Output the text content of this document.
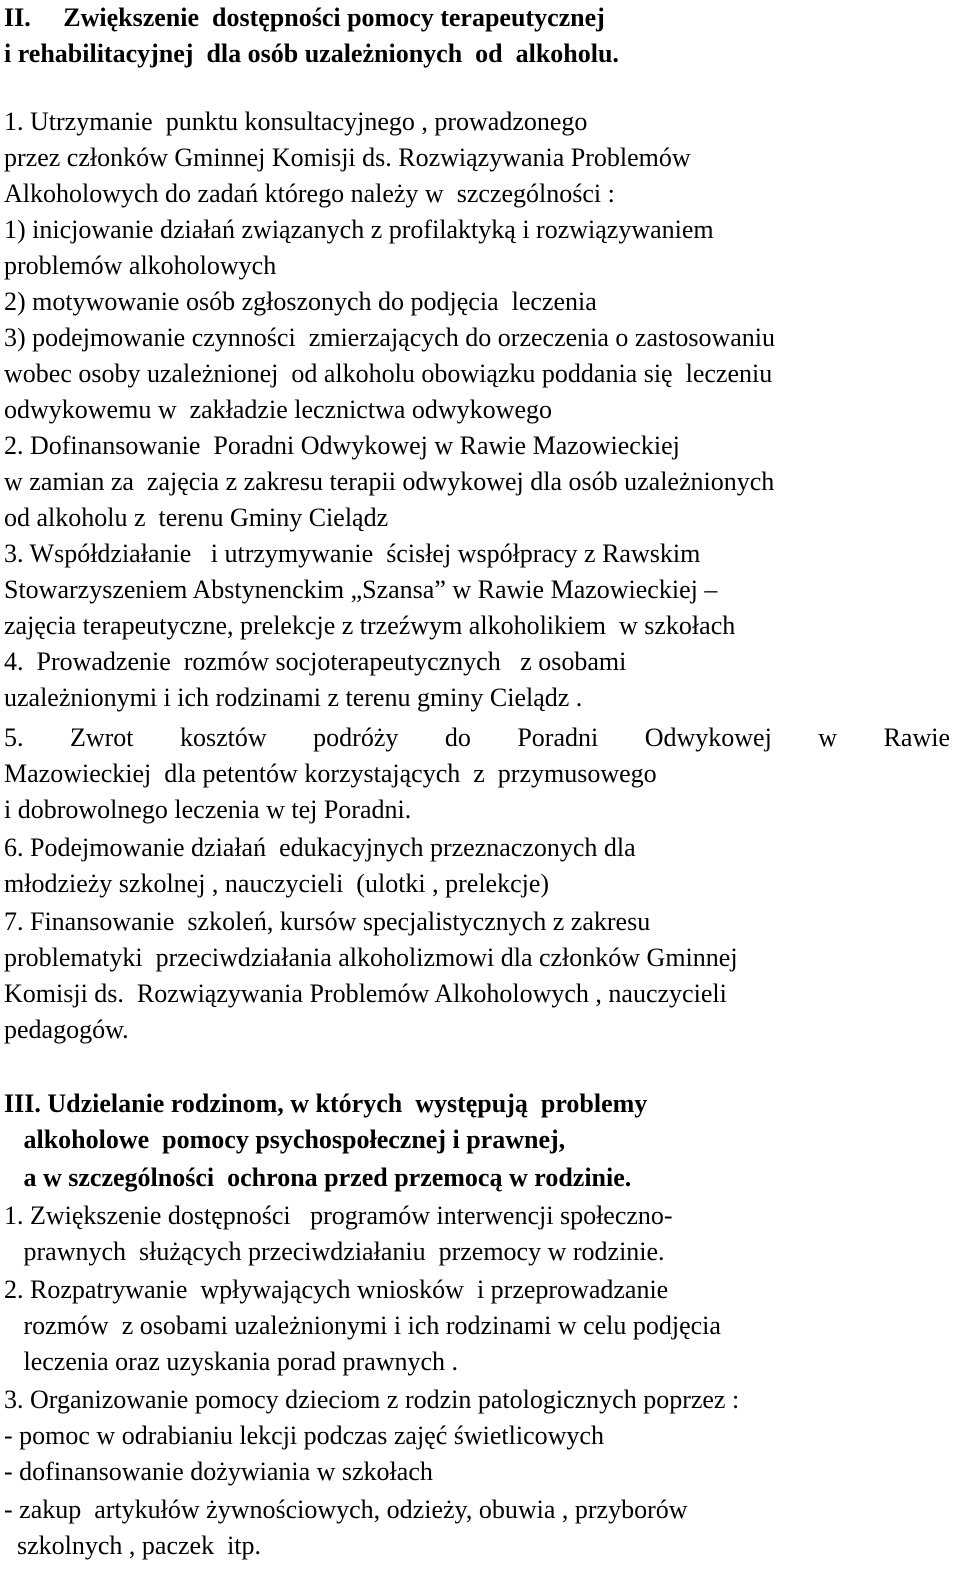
II.     Zwiększenie  dostępności pomocy terapeutycznej
i rehabilitacyjnej  dla osób uzależnionych  od  alkoholu.
1. Utrzymanie  punktu konsultacyjnego , prowadzonego
przez członków Gminnej Komisji ds. Rozwiązywania Problemów
Alkoholowych do zadań którego należy w  szczególności :
1) inicjowanie działań związanych z profilaktyką i rozwiązywaniem
problemów alkoholowych
2) motywowanie osób zgłoszonych do podjęcia  leczenia
3) podejmowanie czynności  zmierzających do orzeczenia o zastosowaniu
wobec osoby uzależnionej  od alkoholu obowiązku poddania się  leczeniu
odwykowemu w  zakładzie lecznictwa odwykowego
2. Dofinansowanie  Poradni Odwykowej w Rawie Mazowieckiej
w zamian za  zajęcia z zakresu terapii odwykowej dla osób uzależnionych
od alkoholu z  terenu Gminy Cielądz
3. Współdziałanie   i utrzymywanie  ścisłej współpracy z Rawskim
Stowarzyszeniem Abstynenckim „Szansa” w Rawie Mazowieckiej –
zajęcia terapeutyczne, prelekcje z trzeźwym alkoholikiem  w szkołach
4.  Prowadzenie  rozmów socjoterapeutycznych   z osobami
uzależnionymi i ich rodzinami z terenu gminy Cielądz .
5. Zwrot kosztów podróży do Poradni Odwykowej w Rawie
Mazowieckiej  dla petentów korzystających  z  przymusowego
i dobrowolnego leczenia w tej Poradni.
6. Podejmowanie działań  edukacyjnych przeznaczonych dla
młodzieży szkolnej , nauczycieli  (ulotki , prelekcje)
7. Finansowanie  szkoleń, kursów specjalistycznych z zakresu
problematyki  przeciwdziałania alkoholizmowi dla członków Gminnej
Komisji ds.  Rozwiązywania Problemów Alkoholowych , nauczycieli
pedagogów.
III. Udzielanie rodzinom, w których  występują  problemy
alkoholowe  pomocy psychospołecznej i prawnej,
a w szczególności  ochrona przed przemocą w rodzinie.
1. Zwiększenie dostępności   programów interwencji społeczno-
prawnych  służących przeciwdziałaniu  przemocy w rodzinie.
2. Rozpatrywanie  wpływających wniosków  i przeprowadzanie
rozmów  z osobami uzależnionymi i ich rodzinami w celu podjęcia
leczenia oraz uzyskania porad prawnych .
3. Organizowanie pomocy dzieciom z rodzin patologicznych poprzez :
- pomoc w odrabianiu lekcji podczas zajęć świetlicowych
- dofinansowanie dożywiania w szkołach
- zakup  artykułów żywnościowych, odzieży, obuwia , przyborów
szkolnych , paczek  itp.
